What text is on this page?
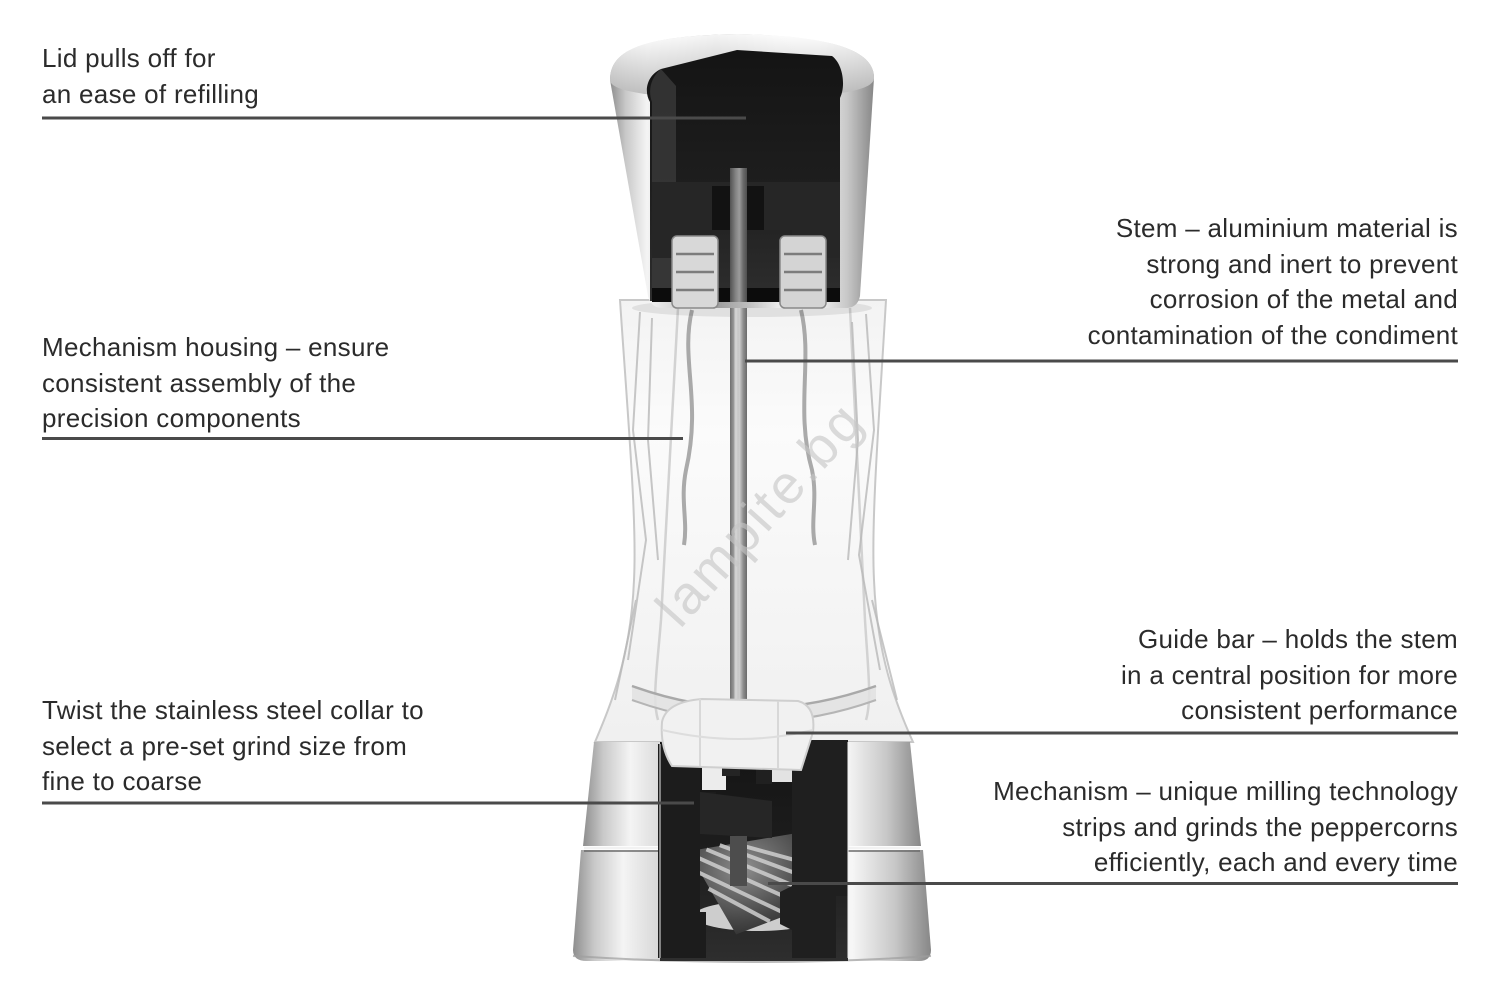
lampite.bg
Lid pulls off for
an ease of refilling
Mechanism housing – ensure
consistent assembly of the
precision components
Twist the stainless steel collar to
select a pre-set grind size from
fine to coarse
Stem – aluminium material is
strong and inert to prevent
corrosion of the metal and
contamination of the condiment
Guide bar – holds the stem
in a central position for more
consistent performance
Mechanism – unique milling technology
strips and grinds the peppercorns
efficiently, each and every time
